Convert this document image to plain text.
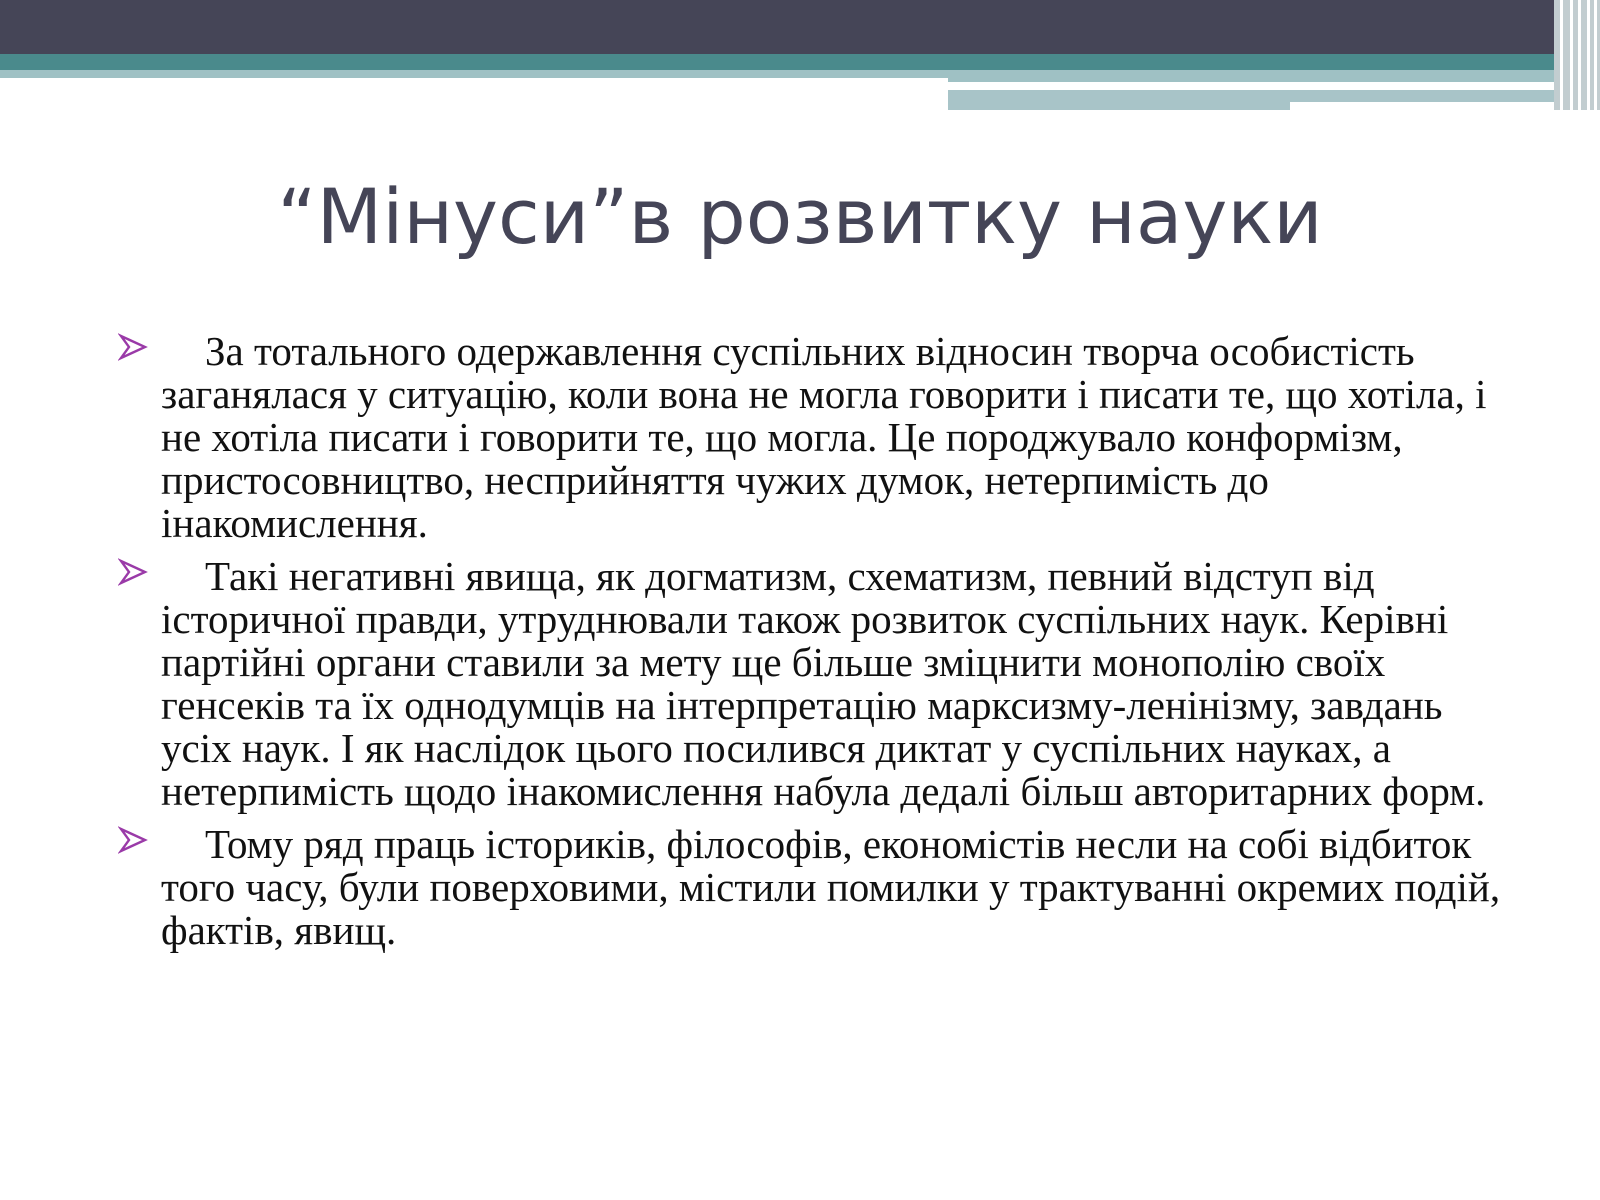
“Мінуси”в розвитку науки
За тотального одержавлення суспільних відносин творча особистість заганялася у ситуацію, коли вона не могла говорити і писати те, що хотіла, і не хотіла писати і говорити те, що могла. Це породжувало конформізм, пристосовництво, несприйняття чужих думок, нетерпимість до інакомислення.
Такі негативні явища, як догматизм, схематизм, певний відступ від історичної правди, утруднювали також розвиток суспільних наук. Керівні партійні органи ставили за мету ще більше зміцнити монополію своїх генсеків та їх однодумців на інтерпретацію марксизму-ленінізму, завдань усіх наук. І як наслідок цього посилився диктат у суспільних науках, а нетерпимість щодо інакомислення набула дедалі більш авторитарних форм.
Тому ряд праць істориків, філософів, економістів несли на собі відбиток того часу, були поверховими, містили помилки у трактуванні окремих подій, фактів, явищ.
